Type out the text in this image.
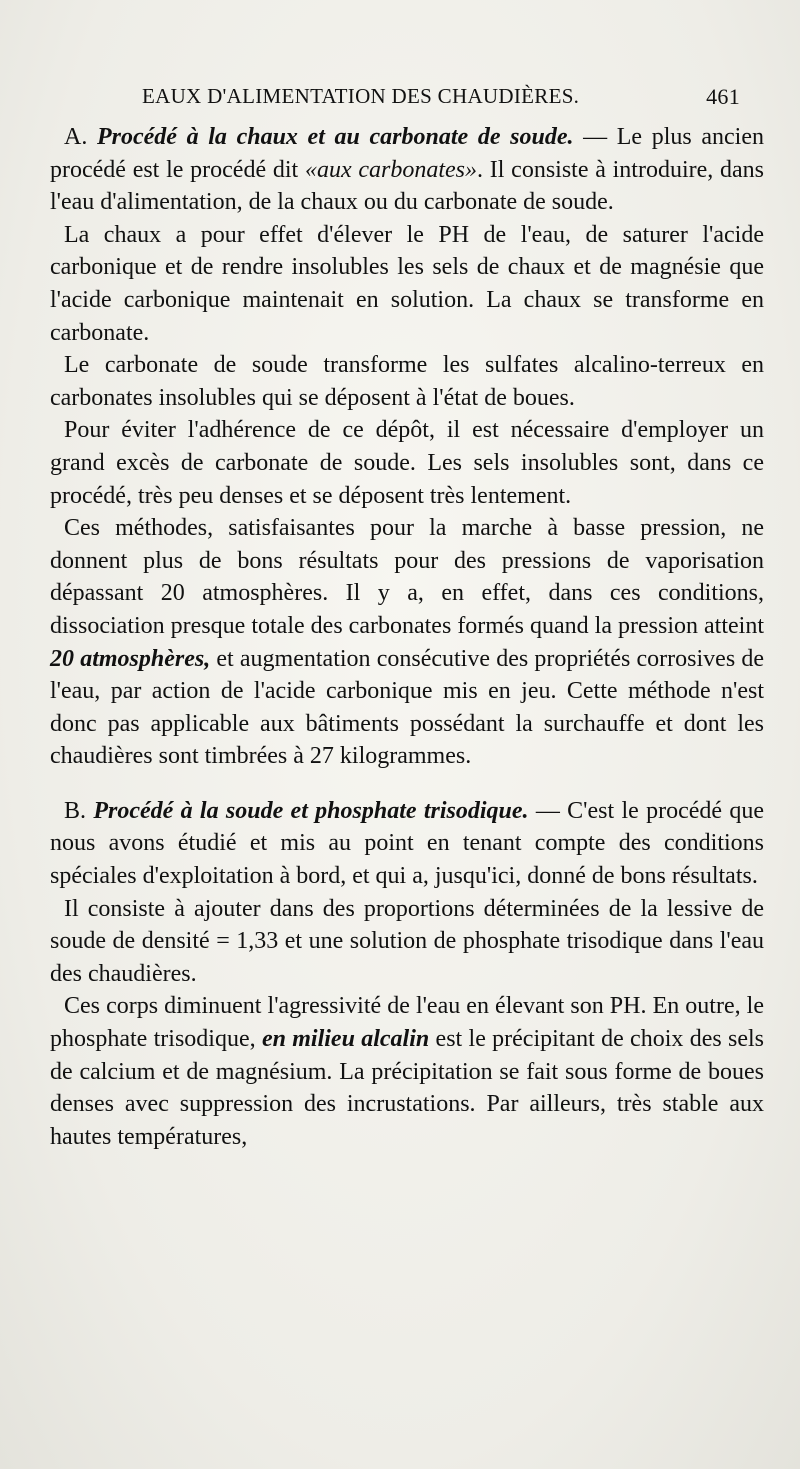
EAUX D'ALIMENTATION DES CHAUDIÈRES.	461

A. Procédé à la chaux et au carbonate de soude. — Le plus ancien procédé est le procédé dit «aux carbonates». Il consiste à introduire, dans l'eau d'alimentation, de la chaux ou du carbonate de soude.

La chaux a pour effet d'élever le PH de l'eau, de saturer l'acide carbonique et de rendre insolubles les sels de chaux et de magnésie que l'acide carbonique maintenait en solution. La chaux se transforme en carbonate.

Le carbonate de soude transforme les sulfates alcalino-terreux en carbonates insolubles qui se déposent à l'état de boues.

Pour éviter l'adhérence de ce dépôt, il est nécessaire d'employer un grand excès de carbonate de soude. Les sels insolubles sont, dans ce procédé, très peu denses et se déposent très lentement.

Ces méthodes, satisfaisantes pour la marche à basse pression, ne donnent plus de bons résultats pour des pressions de vaporisation dépassant 20 atmosphères. Il y a, en effet, dans ces conditions, dissociation presque totale des carbonates formés quand la pression atteint 20 atmosphères, et augmentation consécutive des propriétés corrosives de l'eau, par action de l'acide carbonique mis en jeu. Cette méthode n'est donc pas applicable aux bâtiments possédant la surchauffe et dont les chaudières sont timbrées à 27 kilogrammes.

B. Procédé à la soude et phosphate trisodique. — C'est le procédé que nous avons étudié et mis au point en tenant compte des conditions spéciales d'exploitation à bord, et qui a, jusqu'ici, donné de bons résultats.

Il consiste à ajouter dans des proportions déterminées de la lessive de soude de densité = 1,33 et une solution de phosphate trisodique dans l'eau des chaudières.

Ces corps diminuent l'agressivité de l'eau en élevant son PH. En outre, le phosphate trisodique, en milieu alcalin est le précipitant de choix des sels de calcium et de magnésium. La précipitation se fait sous forme de boues denses avec suppression des incrustations. Par ailleurs, très stable aux hautes températures,
